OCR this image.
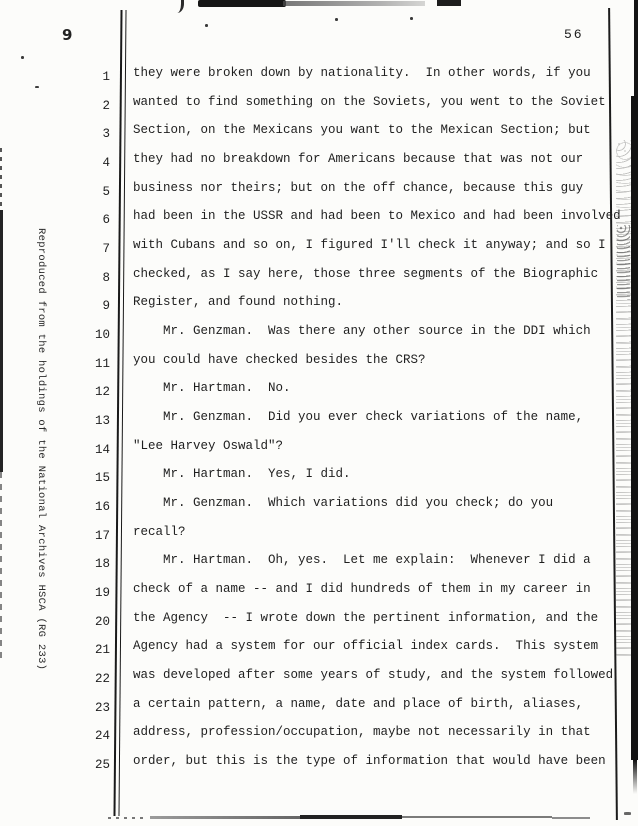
9	56
Reproduced from the holdings of the National Archives HSCA (RG 233)
1
2
3
4
5
6
7
8
9
10
11
12
13
14
15
16
17
18
19
20
21
22
23
24
25
they were broken down by nationality.  In other words, if you
wanted to find something on the Soviets, you went to the Soviet
Section, on the Mexicans you want to the Mexican Section; but
they had no breakdown for Americans because that was not our
business nor theirs; but on the off chance, because this guy
had been in the USSR and had been to Mexico and had been involved
with Cubans and so on, I figured I'll check it anyway; and so I
checked, as I say here, those three segments of the Biographic
Register, and found nothing.
Mr. Genzman.  Was there any other source in the DDI which
you could have checked besides the CRS?
Mr. Hartman.  No.
Mr. Genzman.  Did you ever check variations of the name,
"Lee Harvey Oswald"?
Mr. Hartman.  Yes, I did.
Mr. Genzman.  Which variations did you check; do you
recall?
Mr. Hartman.  Oh, yes.  Let me explain:  Whenever I did a
check of a name -- and I did hundreds of them in my career in
the Agency  -- I wrote down the pertinent information, and the
Agency had a system for our official index cards.  This system
was developed after some years of study, and the system followed
a certain pattern, a name, date and place of birth, aliases,
address, profession/occupation, maybe not necessarily in that
order, but this is the type of information that would have been
